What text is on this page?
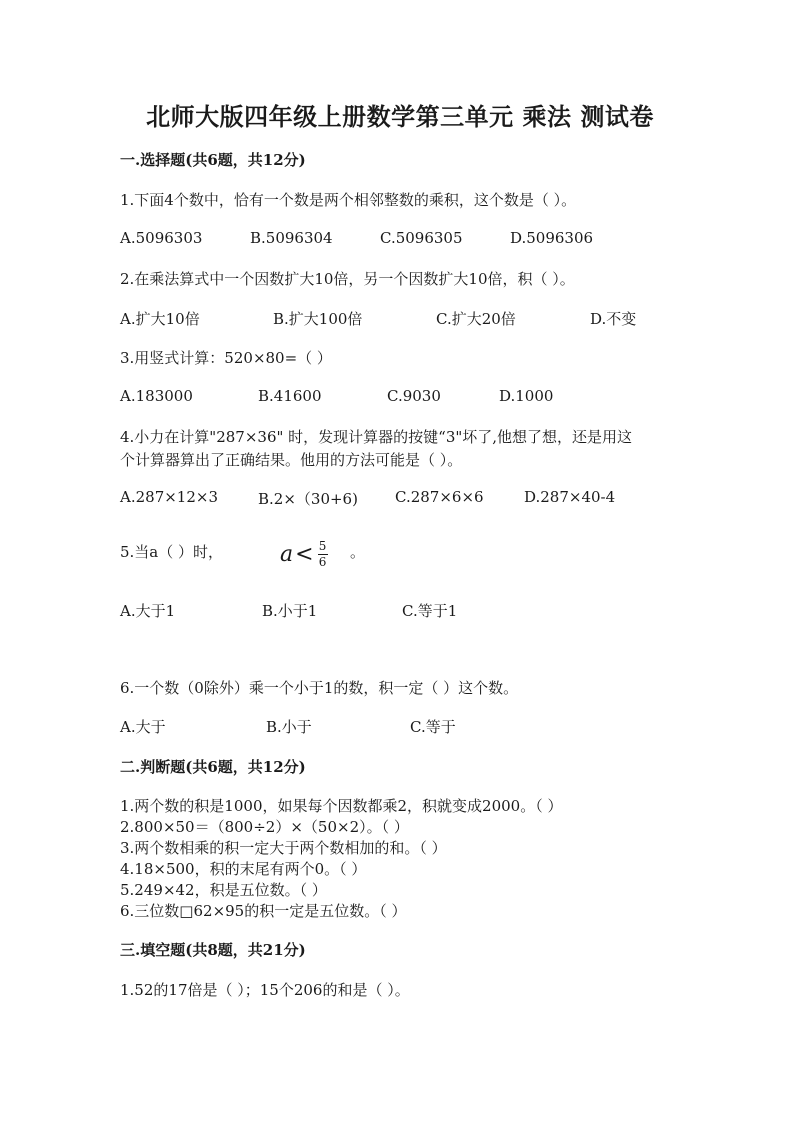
北师大版四年级上册数学第三单元 乘法 测试卷
一.选择题(共6题，共12分)
1.下面4个数中，恰有一个数是两个相邻整数的乘积，这个数是（ ）。
A.5096303	B.5096304	C.5096305	D.5096306
2.在乘法算式中一个因数扩大10倍，另一个因数扩大10倍，积（ ）。
A.扩大10倍	B.扩大100倍	C.扩大20倍	D.不变
3.用竖式计算：520×80=（ ）
A.183000	B.41600	C.9030	D.1000
4.小力在计算"287×36" 时，发现计算器的按键“3"坏了,他想了想，还是用这
个计算器算出了正确结果。他用的方法可能是（ ）。
A.287×12×3	B.2×（30+6) C.287×6×6	D.287×40-4
5.当a（ ）时，	$a < \frac{5}{6}$ 。
A.大于1	B.小于1	C.等于1
6.一个数（0除外）乘一个小于1的数，积一定（ ）这个数。
A.大于	B.小于	C.等于
二.判断题(共6题，共12分)
1.两个数的积是1000，如果每个因数都乘2，积就变成2000。（ ）
2.800×50＝（800÷2）×（50×2）。（ ）
3.两个数相乘的积一定大于两个数相加的和。（ ）
4.18×500，积的末尾有两个0。（ ）
5.249×42，积是五位数。（ ）
6.三位数□62×95的积一定是五位数。（ ）
三.填空题(共8题，共21分)
1.52的17倍是（ ）；15个206的和是（ ）。
